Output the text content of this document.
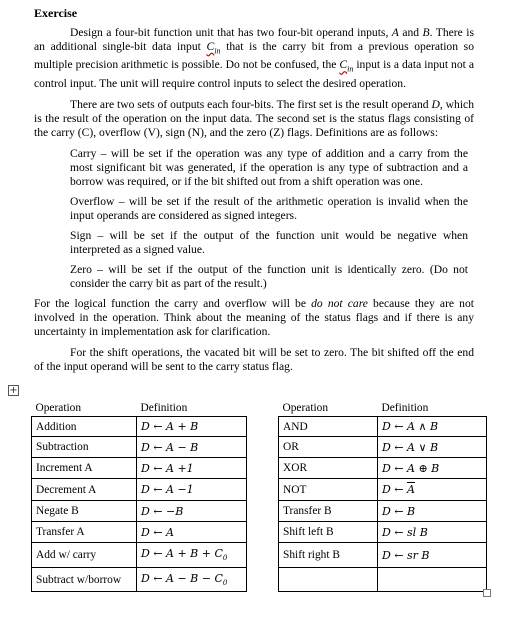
Exercise

Design a four-bit function unit that has two four-bit operand inputs, A and B. There is an additional single-bit data input $C_{in}$ that is the carry bit from a previous operation so multiple precision arithmetic is possible. Do not be confused, the $C_{in}$ input is a data input not a control input. The unit will require control inputs to select the desired operation.

There are two sets of outputs each four-bits. The first set is the result operand D, which is the result of the operation on the input data. The second set is the status flags consisting of the carry (C), overflow (V), sign (N), and the zero (Z) flags. Definitions are as follows:

Carry – will be set if the operation was any type of addition and a carry from the most significant bit was generated, if the operation is any type of subtraction and a borrow was required, or if the bit shifted out from a shift operation was one.
Overflow – will be set if the result of the arithmetic operation is invalid when the input operands are considered as signed integers.
Sign – will be set if the output of the function unit would be negative when interpreted as a signed value.
Zero – will be set if the output of the function unit is identically zero. (Do not consider the carry bit as part of the result.)

For the logical function the carry and overflow will be do not care because they are not involved in the operation. Think about the meaning of the status flags and if there is any uncertainty in implementation ask for clarification.

For the shift operations, the vacated bit will be set to zero. The bit shifted off the end of the input operand will be sent to the carry status flag.

+
Operation	Definition
Addition	D ← A + B
Subtraction	D ← A − B
Increment A	D ← A +1
Decrement A	D ← A −1
Negate B	D ← −B
Transfer A	D ← A
Add w/ carry	D ← $A + B + C_0$
Subtract w/borrow	D ← $A - B - C_0$
Operation	Definition
AND	D ← A ∧ B
OR	D ← A ∨ B
XOR	D ← A ⊕ B
NOT	D ← $\overline{A}$
Transfer B	D ← B
Shift left B	D ← sl B
Shift right B	D ← sr B
